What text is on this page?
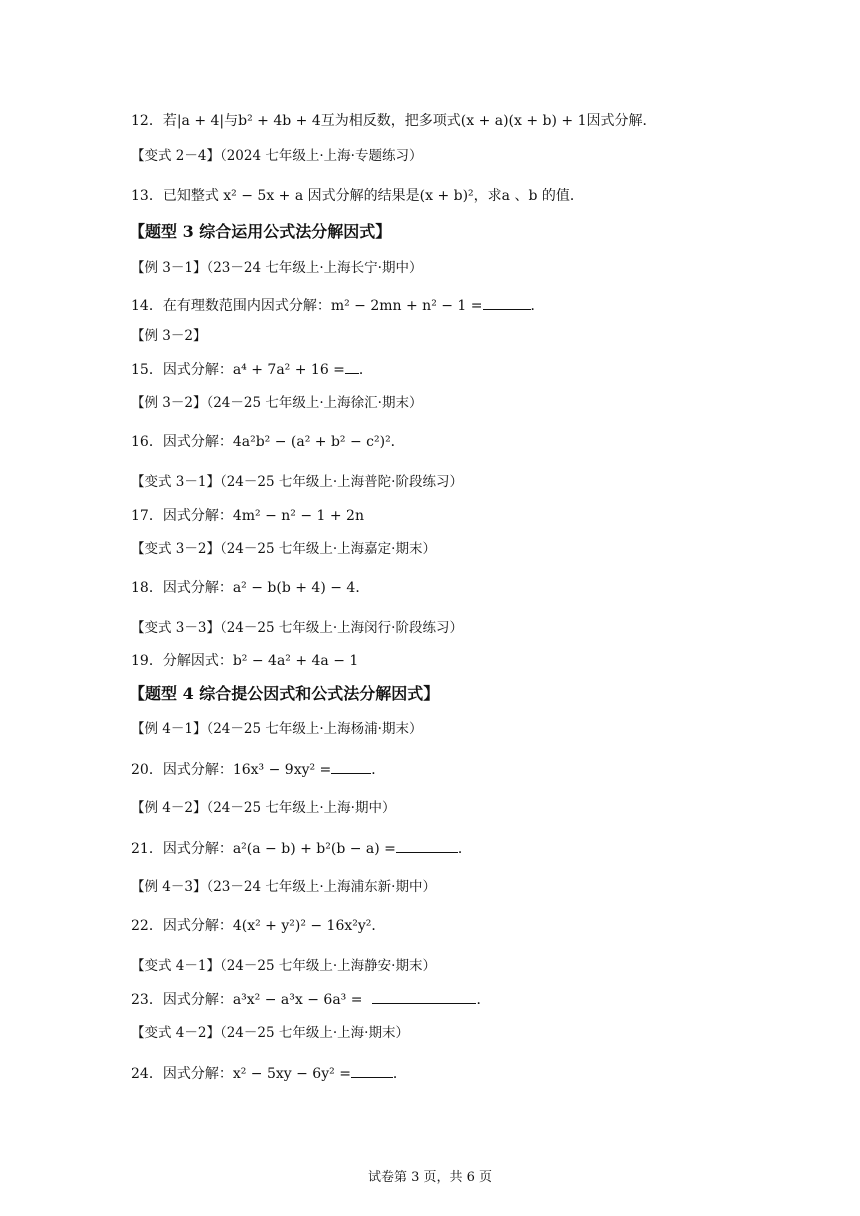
12．若|a + 4|与b² + 4b + 4互为相反数，把多项式(x + a)(x + b) + 1因式分解．
【变式 2－4】（2024 七年级上·上海·专题练习）
13．已知整式 x² − 5x + a 因式分解的结果是(x + b)²，求a 、b 的值．
【题型 3 综合运用公式法分解因式】
【例 3－1】（23－24 七年级上·上海长宁·期中）
14．在有理数范围内因式分解：m² − 2mn + n² − 1 =	．
【例 3－2】
15．因式分解：a⁴ + 7a² + 16 = ．
【例 3－2】（24－25 七年级上·上海徐汇·期末）
16．因式分解：4a²b² − (a² + b² − c²)²．
【变式 3－1】（24－25 七年级上·上海普陀·阶段练习）
17．因式分解：4m² − n² − 1 + 2n
【变式 3－2】（24－25 七年级上·上海嘉定·期末）
18．因式分解：a² − b(b + 4) − 4．
【变式 3－3】（24－25 七年级上·上海闵行·阶段练习）
19．分解因式：b² − 4a² + 4a − 1
【题型 4 综合提公因式和公式法分解因式】
【例 4－1】（24－25 七年级上·上海杨浦·期末）
20．因式分解：16x³ − 9xy² =	．
【例 4－2】（24－25 七年级上·上海·期中）
21．因式分解：a²(a − b) + b²(b − a) =	．
【例 4－3】（23－24 七年级上·上海浦东新·期中）
22．因式分解：4(x² + y²)² − 16x²y²．
【变式 4－1】（24－25 七年级上·上海静安·期末）
23．因式分解：a³x² − a³x − 6a³ =	．
【变式 4－2】（24－25 七年级上·上海·期末）
24．因式分解：x² − 5xy − 6y² =	．
试卷第 3 页，共 6 页
